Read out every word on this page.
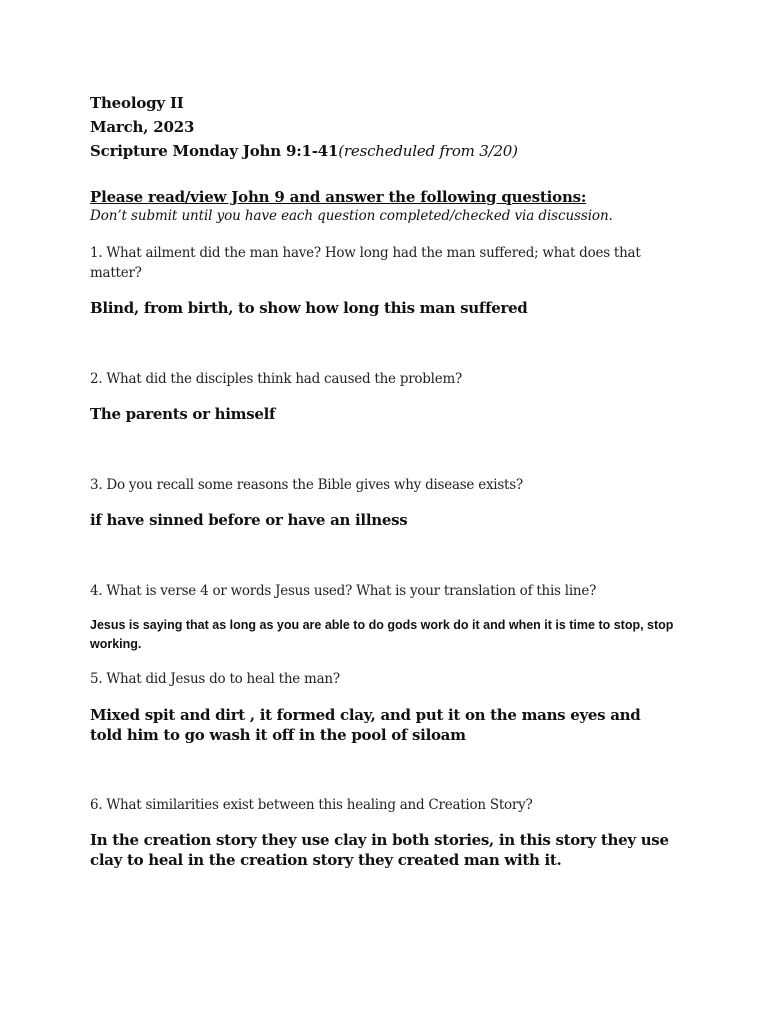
Theology II
March, 2023
Scripture Monday John 9:1-41(rescheduled from 3/20)
Please read/view John 9 and answer the following questions:
Don’t submit until you have each question completed/checked via discussion.
1. What ailment did the man have? How long had the man suffered; what does that matter?
Blind, from birth, to show how long this man suffered
2. What did the disciples think had caused the problem?
The parents or himself
3. Do you recall some reasons the Bible gives why disease exists?
if have sinned before or have an illness
4. What is verse 4 or words Jesus used? What is your translation of this line?
Jesus is saying that as long as you are able to do gods work do it and when it is time to stop, stop working.
5. What did Jesus do to heal the man?
Mixed spit and dirt , it formed clay, and put it on the mans eyes and told him to go wash it off in the pool of siloam
6. What similarities exist between this healing and Creation Story?
In the creation story they use clay in both stories, in this story they use clay to heal in the creation story they created man with it.
